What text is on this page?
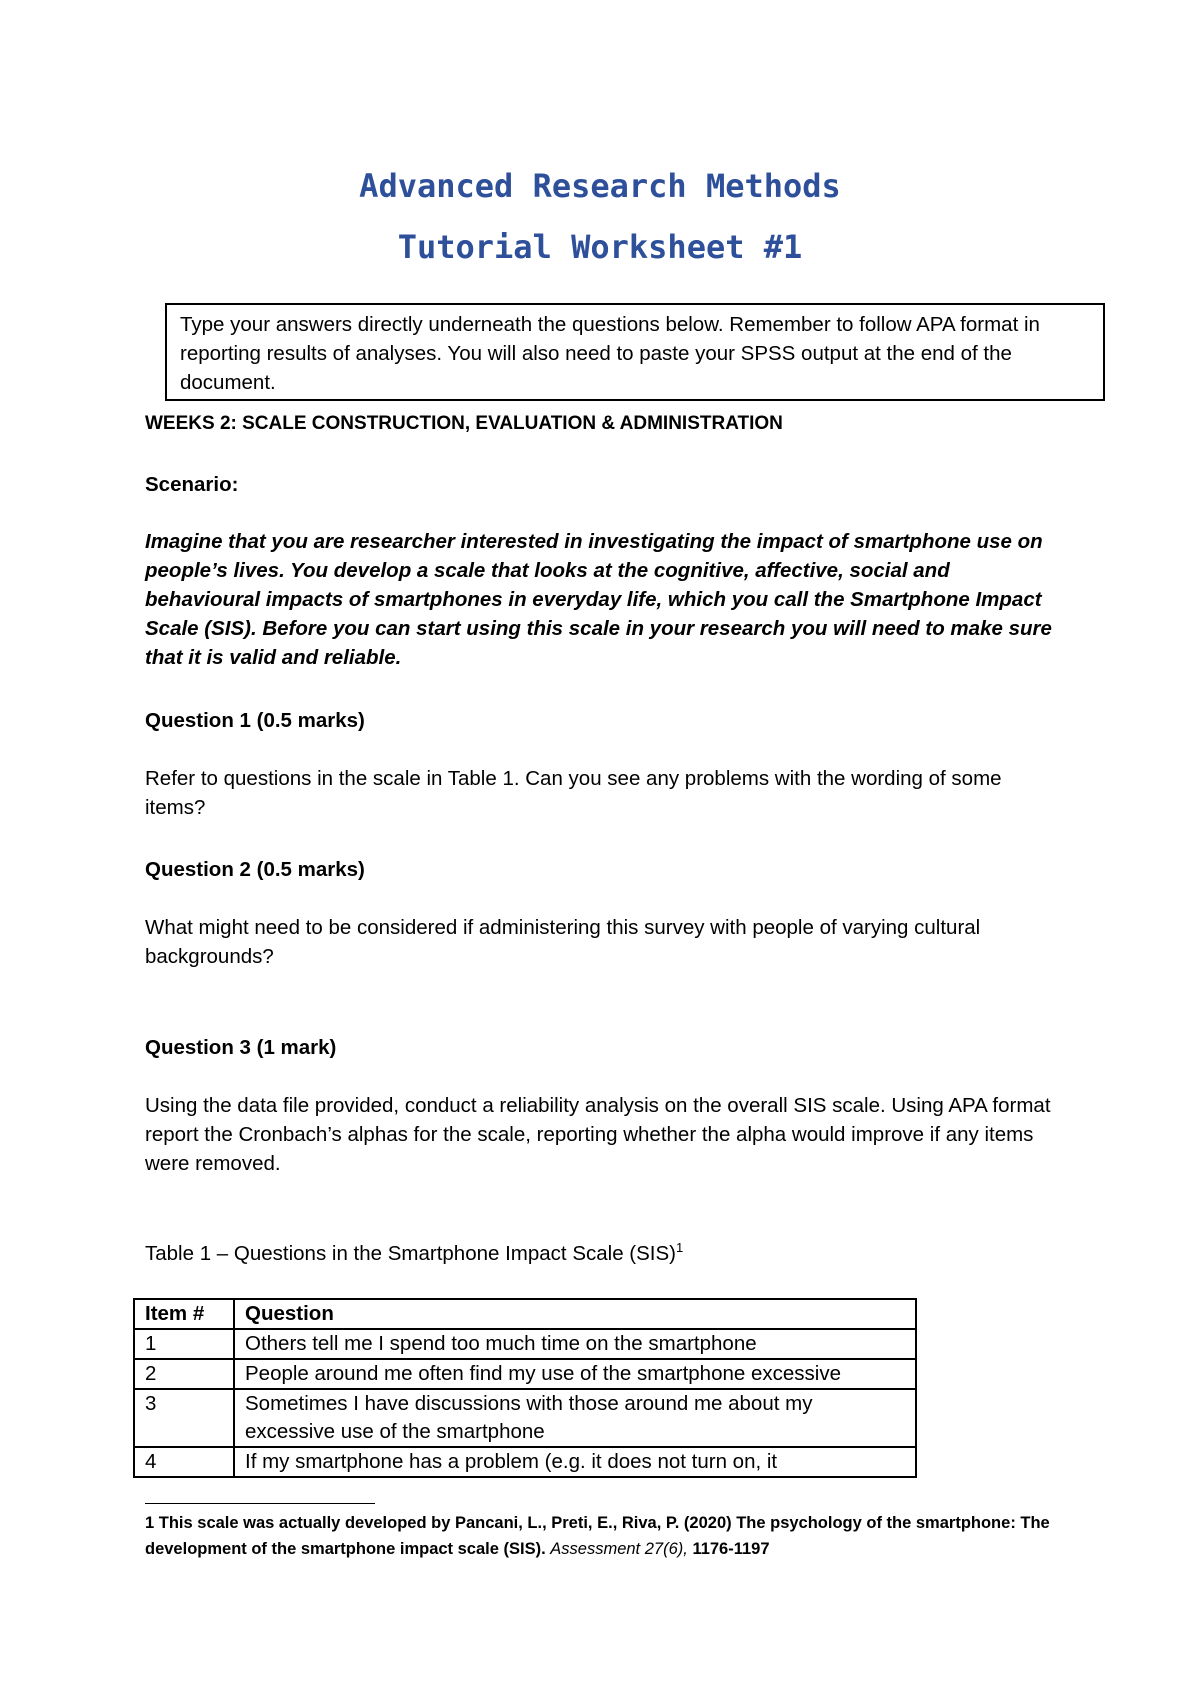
Advanced Research Methods
Tutorial Worksheet #1
Type your answers directly underneath the questions below. Remember to follow APA format in reporting results of analyses. You will also need to paste your SPSS output at the end of the document.
WEEKS 2: SCALE CONSTRUCTION, EVALUATION & ADMINISTRATION
Scenario:
Imagine that you are researcher interested in investigating the impact of smartphone use on people’s lives. You develop a scale that looks at the cognitive, affective, social and behavioural impacts of smartphones in everyday life, which you call the Smartphone Impact Scale (SIS). Before you can start using this scale in your research you will need to make sure that it is valid and reliable.
Question 1 (0.5 marks)
Refer to questions in the scale in Table 1. Can you see any problems with the wording of some items?
Question 2 (0.5 marks)
What might need to be considered if administering this survey with people of varying cultural backgrounds?
Question 3 (1 mark)
Using the data file provided, conduct a reliability analysis on the overall SIS scale. Using APA format report the Cronbach’s alphas for the scale, reporting whether the alpha would improve if any items were removed.
Table 1 – Questions in the Smartphone Impact Scale (SIS)$^1$
Item #	Question
1	Others tell me I spend too much time on the smartphone
2	People around me often find my use of the smartphone excessive
3	Sometimes I have discussions with those around me about my excessive use of the smartphone
4	If my smartphone has a problem (e.g. it does not turn on, it
1 This scale was actually developed by Pancani, L., Preti, E., Riva, P. (2020) The psychology of the smartphone: The development of the smartphone impact scale (SIS). Assessment 27(6), 1176-1197
